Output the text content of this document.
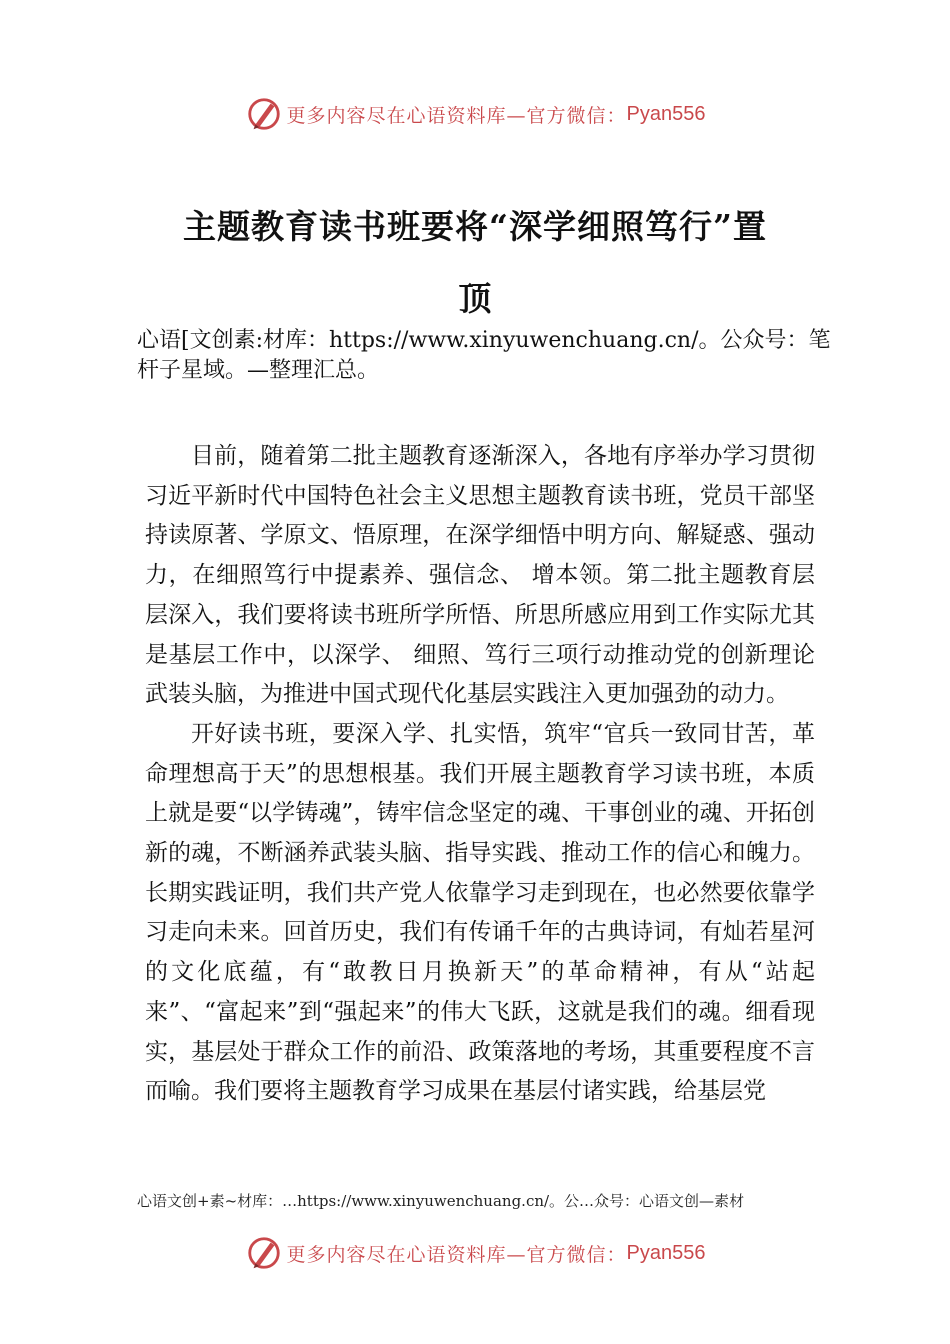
更多内容尽在心语资料库—官方微信： Pyan556
主题教育读书班要将“深学细照笃行”置
顶
心语[文创素:材库：https://www.xinyuwenchuang.cn/。公众号：笔杆子星域。—整理汇总。

目前，随着第二批主题教育逐渐深入，各地有序举办学习贯彻习近平新时代中国特色社会主义思想主题教育读书班，党员干部坚持读原著、学原文、悟原理，在深学细悟中明方向、解疑惑、强动力，在细照笃行中提素养、强信念、 增本领。第二批主题教育层层深入，我们要将读书班所学所悟、所思所感应用到工作实际尤其是基层工作中，以深学、 细照、笃行三项行动推动党的创新理论武装头脑，为推进中国式现代化基层实践注入更加强劲的动力。

开好读书班，要深入学、扎实悟，筑牢“官兵一致同甘苦，革命理想高于天”的思想根基。我们开展主题教育学习读书班，本质上就是要“以学铸魂”，铸牢信念坚定的魂、干事创业的魂、开拓创新的魂，不断涵养武装头脑、指导实践、推动工作的信心和魄力。长期实践证明，我们共产党人依靠学习走到现在，也必然要依靠学习走向未来。回首历史，我们有传诵千年的古典诗词，有灿若星河的文化底蕴，有“敢教日月换新天”的革命精神，有从“站起来”、“富起来”到“强起来”的伟大飞跃，这就是我们的魂。细看现实，基层处于群众工作的前沿、政策落地的考场，其重要程度不言而喻。我们要将主题教育学习成果在基层付诸实践，给基层党

心语文创+素~材库：…https://www.xinyuwenchuang.cn/。公…众号：心语文创—素材
更多内容尽在心语资料库—官方微信： Pyan556
